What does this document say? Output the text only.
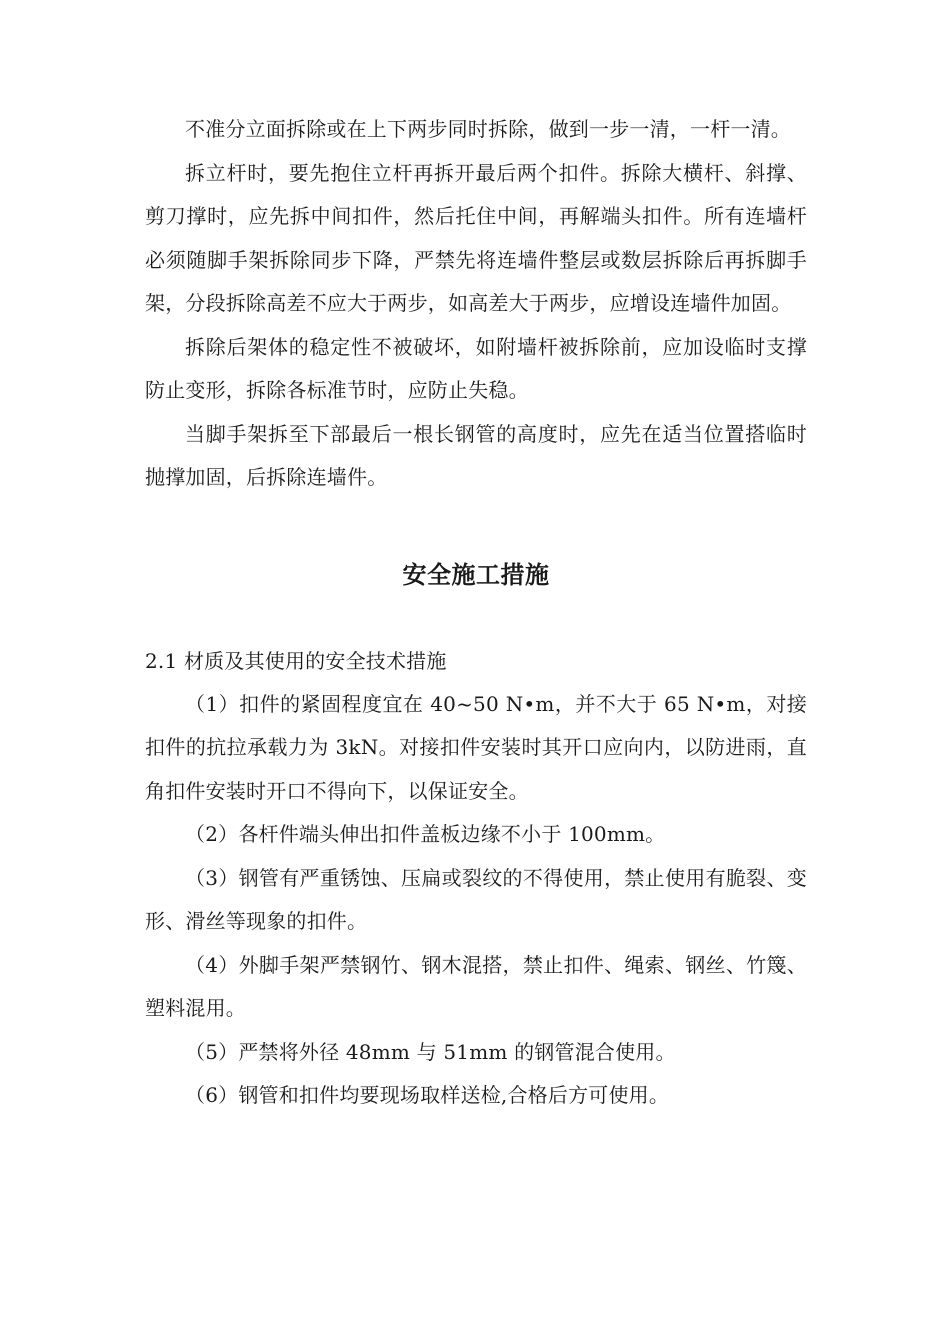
不准分立面拆除或在上下两步同时拆除，做到一步一清，一杆一清。

拆立杆时，要先抱住立杆再拆开最后两个扣件。拆除大横杆、斜撑、剪刀撑时，应先拆中间扣件，然后托住中间，再解端头扣件。所有连墙杆必须随脚手架拆除同步下降，严禁先将连墙件整层或数层拆除后再拆脚手架，分段拆除高差不应大于两步，如高差大于两步，应增设连墙件加固。

拆除后架体的稳定性不被破坏，如附墙杆被拆除前，应加设临时支撑防止变形，拆除各标准节时，应防止失稳。

当脚手架拆至下部最后一根长钢管的高度时，应先在适当位置搭临时抛撑加固，后拆除连墙件。

安全施工措施
2.1 材质及其使用的安全技术措施

（1）扣件的紧固程度宜在 40~50 N•m，并不大于 65 N•m，对接扣件的抗拉承载力为 3kN。对接扣件安装时其开口应向内，以防进雨，直角扣件安装时开口不得向下，以保证安全。

（2）各杆件端头伸出扣件盖板边缘不小于 100mm。

（3）钢管有严重锈蚀、压扁或裂纹的不得使用，禁止使用有脆裂、变形、滑丝等现象的扣件。

（4）外脚手架严禁钢竹、钢木混搭，禁止扣件、绳索、钢丝、竹篾、塑料混用。

（5）严禁将外径 48mm 与 51mm 的钢管混合使用。

（6）钢管和扣件均要现场取样送检,合格后方可使用。
